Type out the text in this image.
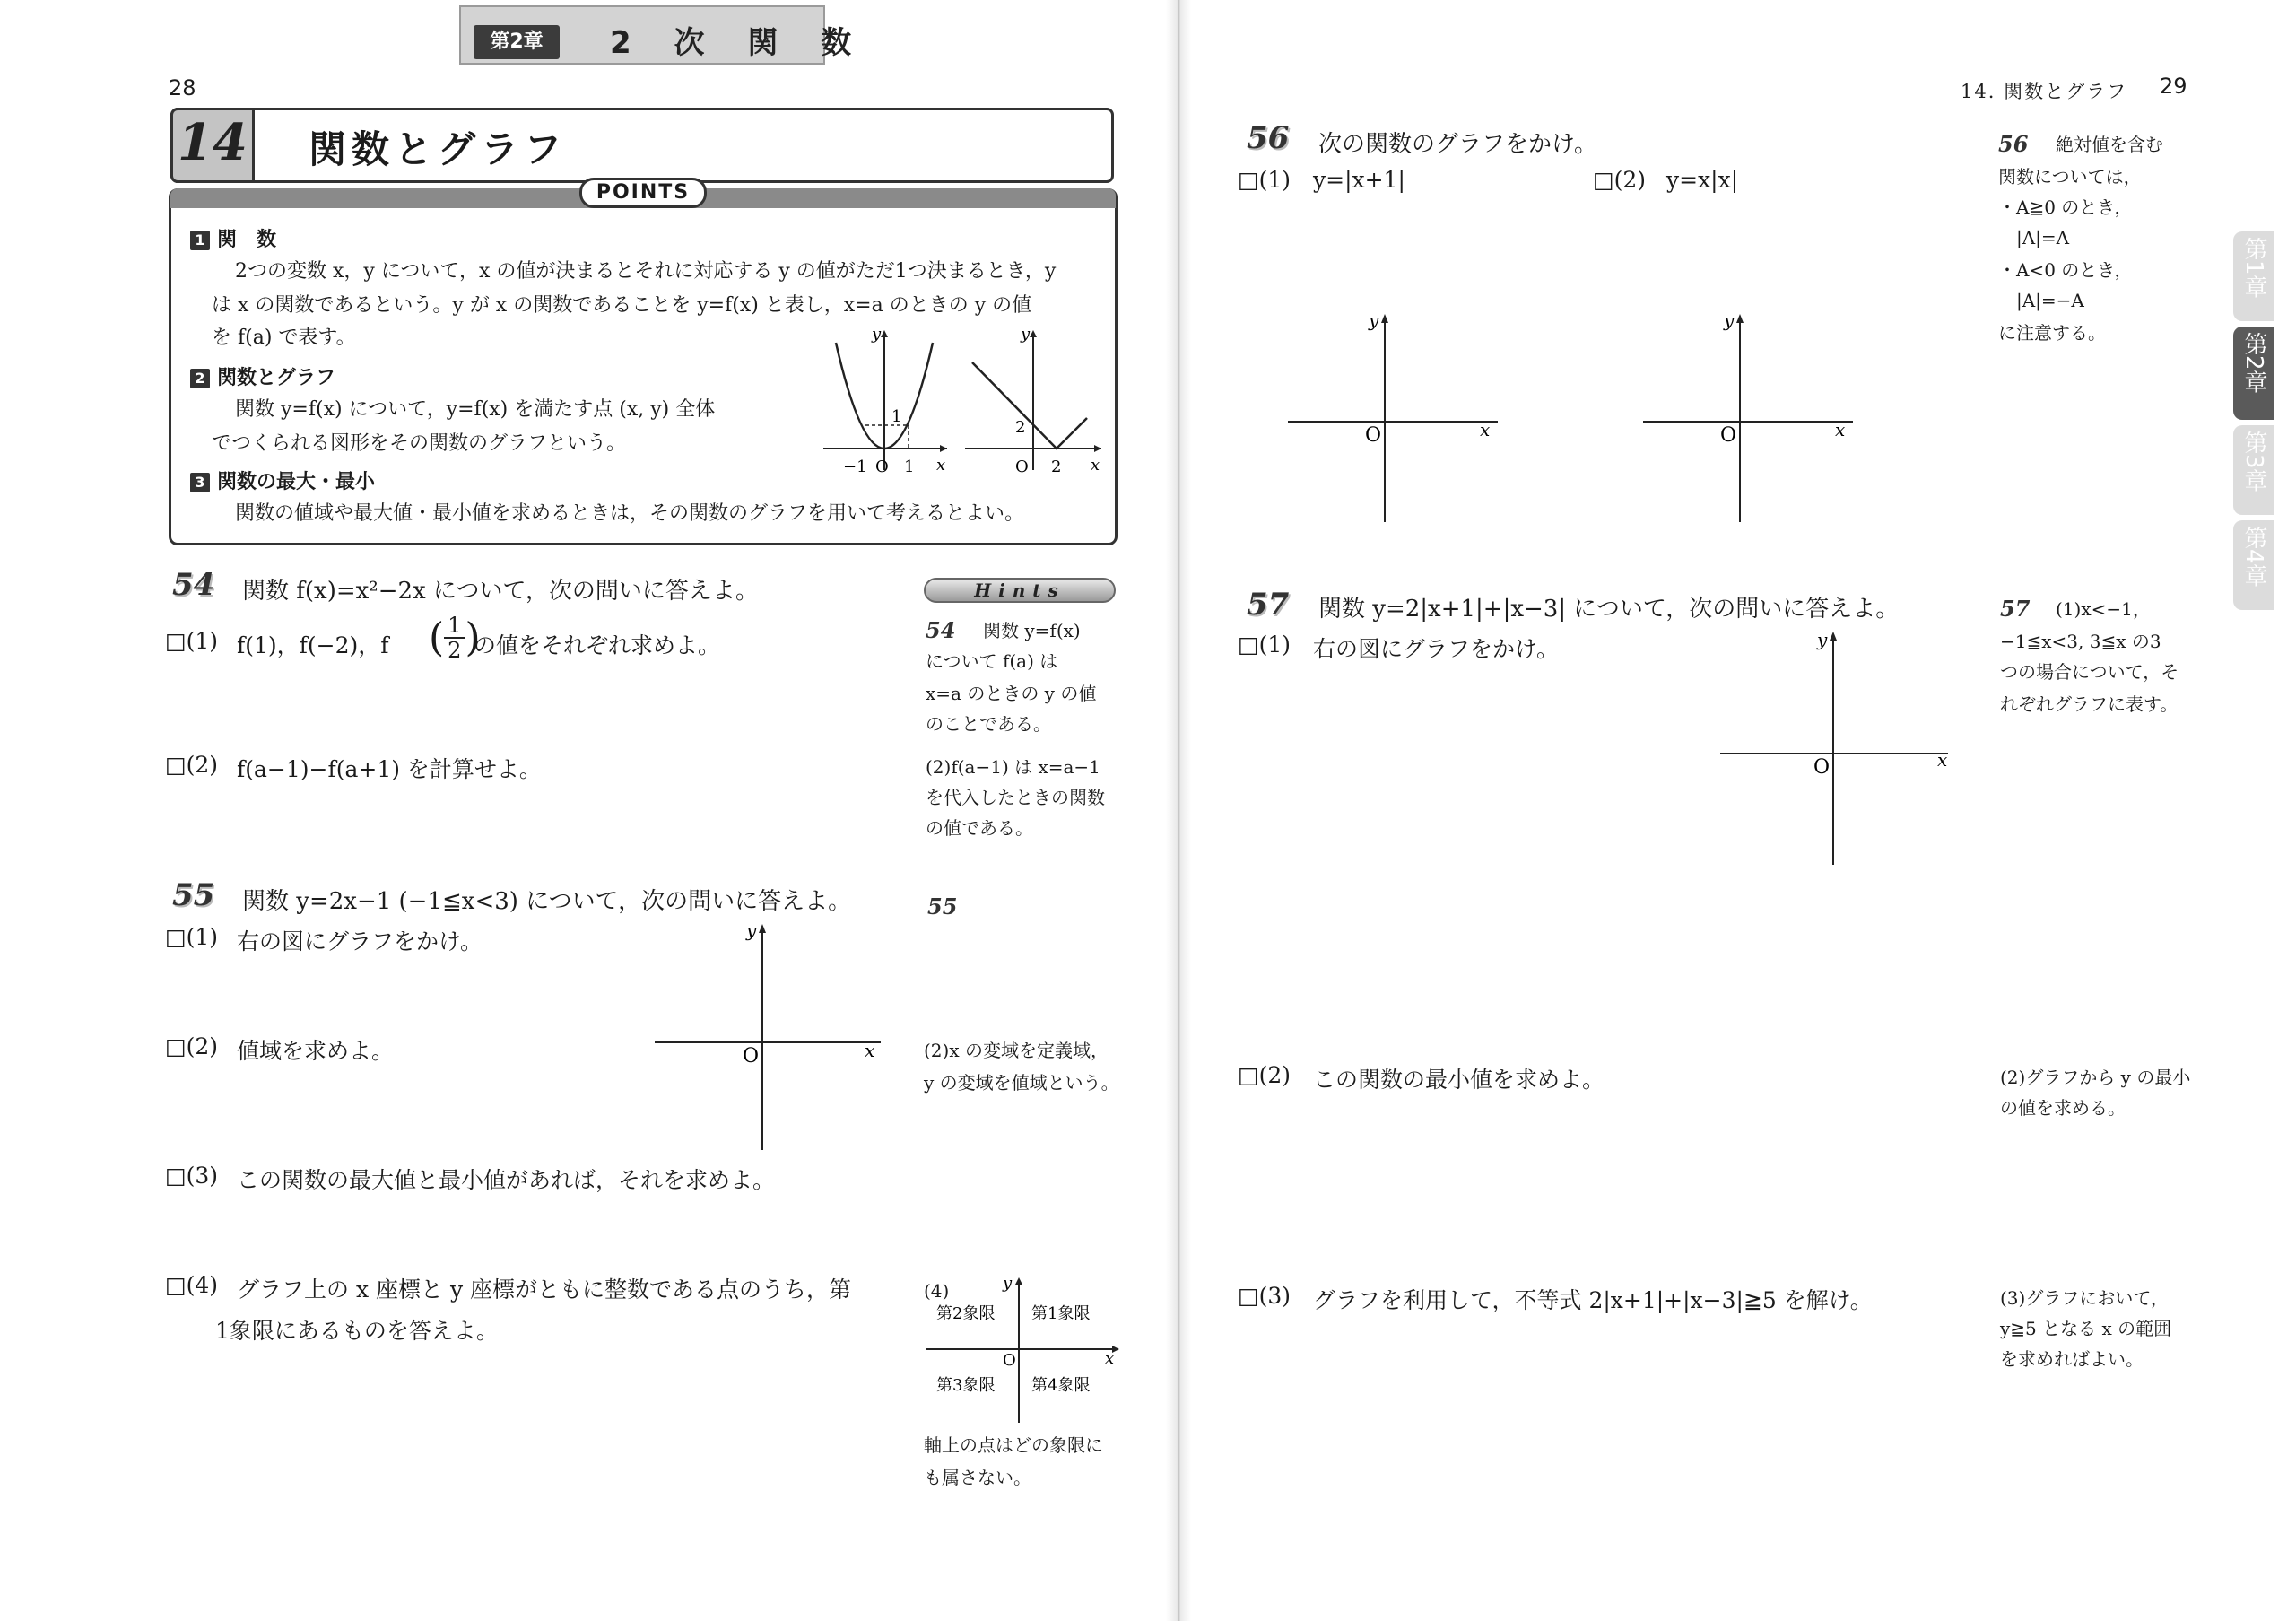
第2章	2 次 関 数
28
14 関数とグラフ
POINTS
1 関　数
2つの変数 x，y について，x の値が決まるとそれに対応する y の値がただ1つ決まるとき，y
は x の関数であるという。y が x の関数であることを y=f(x) と表し，x=a のときの y の値
を f(a) で表す。
2 関数とグラフ
関数 y=f(x) について，y=f(x) を満たす点 (x, y) 全体
でつくられる図形をその関数のグラフという。
3 関数の最大・最小
関数の値域や最大値・最小値を求めるときは，その関数のグラフを用いて考えるとよい。
y
x
1
−1 O 1
y
x
2
O 2
54 関数 f(x)=x²−2x について，次の問いに答えよ。
□(1) f(1)，f(−2)，f ( $\frac{1}{2}$ )
の値をそれぞれ求めよ。
□(2) f(a−1)−f(a+1) を計算せよ。
55 関数 y=2x−1 (−1≦x<3) について，次の問いに答えよ。
□(1) 右の図にグラフをかけ。
□(2) 値域を求めよ。
□(3) この関数の最大値と最小値があれば，それを求めよ。
□(4) グラフ上の x 座標と y 座標がともに整数である点のうち，第
1象限にあるものを答えよ。
y
x
O
Hints
54 関数 y=f(x)
について f(a) は
x=a のときの y の値
のことである。
(2)f(a−1) は x=a−1
を代入したときの関数
の値である。
55
(2)x の変域を定義域，
y の変域を値域という。
(4)	y
x
O
第2象限 第1象限
第3象限 第4象限
軸上の点はどの象限に
も属さない。
14. 関数とグラフ 29
56 次の関数のグラフをかけ。
□(1) y=|x+1|	□(2) y=x|x|
y
x
O
y
x
O
56 絶対値を含む
関数については，
・A≧0 のとき，
|A|=A
・A<0 のとき，
|A|=−A
に注意する。
57 関数 y=2|x+1|+|x−3| について，次の問いに答えよ。
□(1) 右の図にグラフをかけ。	y
x
O
□(2) この関数の最小値を求めよ。
□(3) グラフを利用して，不等式 2|x+1|+|x−3|≧5 を解け。
57 (1)x<−1，
−1≦x<3, 3≦x の3
つの場合について，そ
れぞれグラフに表す。
(2)グラフから y の最小
の値を求める。
(3)グラフにおいて，
y≧5 となる x の範囲
を求めればよい。
第1章
第2章
第3章
第4章
